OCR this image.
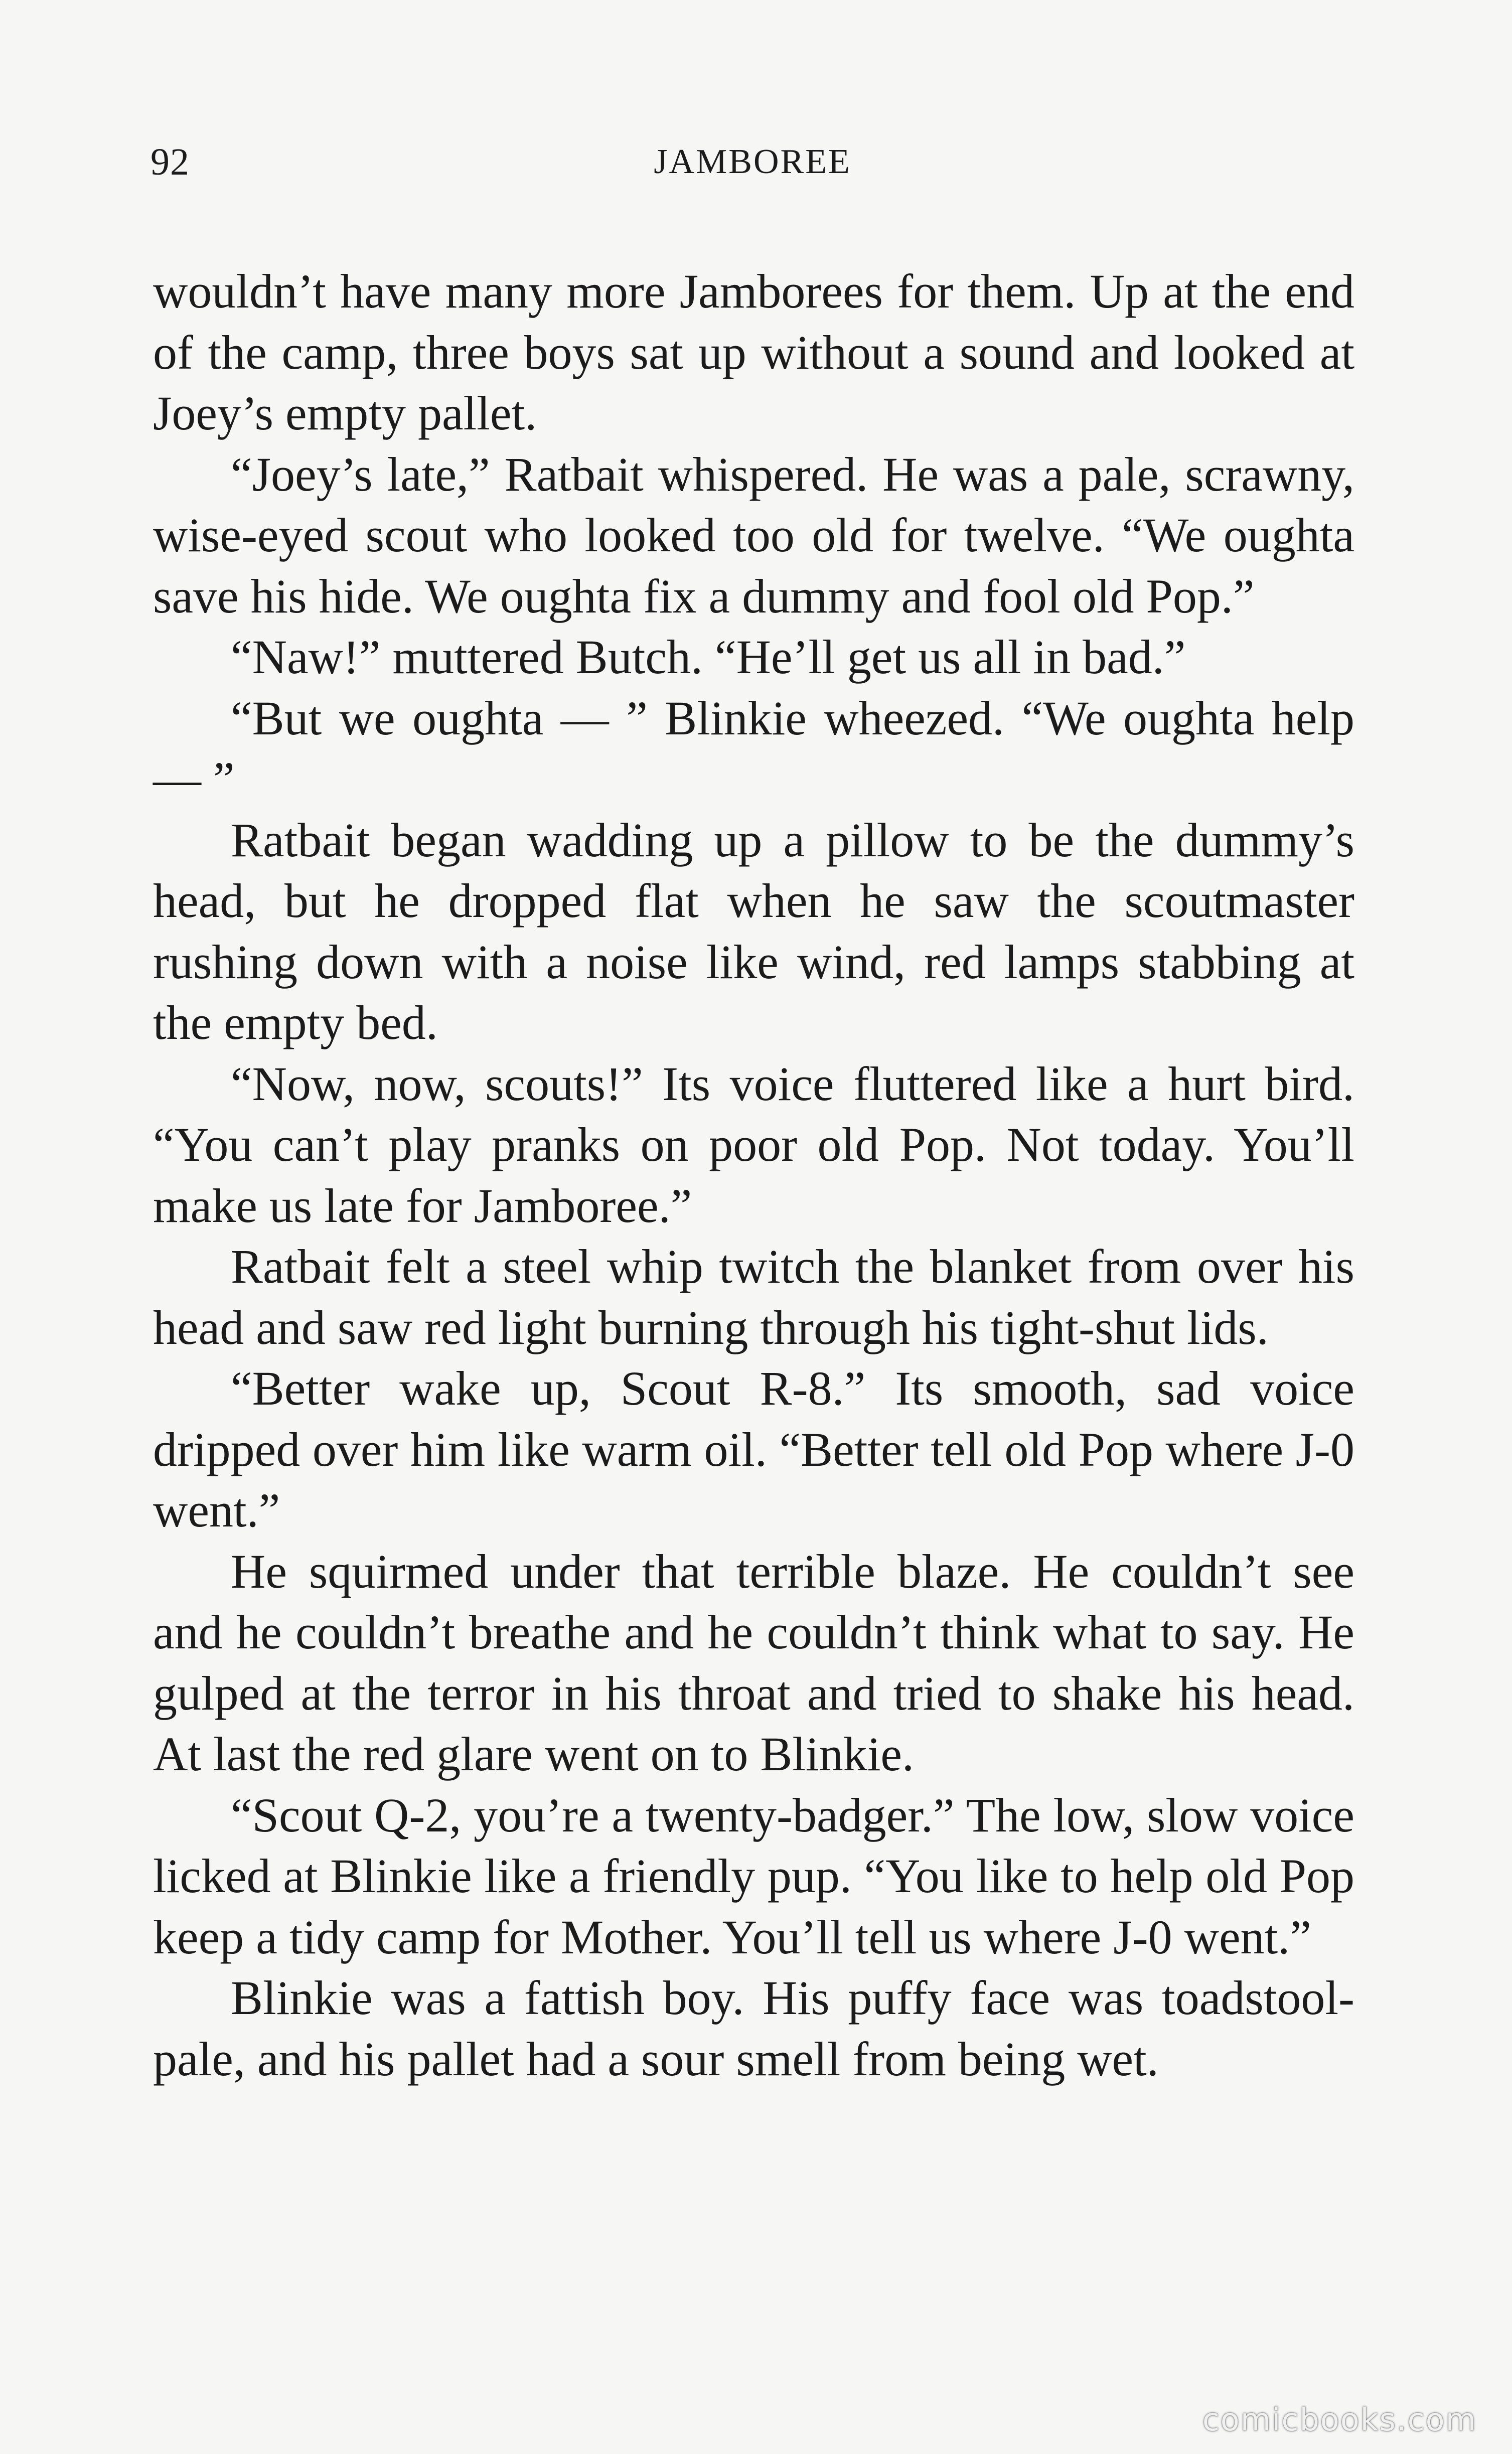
92	JAMBOREE

wouldn’t have many more Jamborees for them. Up at the end of the camp, three boys sat up without a sound and looked at Joey’s empty pallet.

“Joey’s late,” Ratbait whispered. He was a pale, scrawny, wise-eyed scout who looked too old for twelve. “We oughta save his hide. We oughta fix a dummy and fool old Pop.”

“Naw!” muttered Butch. “He’ll get us all in bad.”

“But we oughta — ” Blinkie wheezed. “We oughta help — ”

Ratbait began wadding up a pillow to be the dummy’s head, but he dropped flat when he saw the scoutmaster rushing down with a noise like wind, red lamps stabbing at the empty bed.

“Now, now, scouts!” Its voice fluttered like a hurt bird. “You can’t play pranks on poor old Pop. Not today. You’ll make us late for Jamboree.”

Ratbait felt a steel whip twitch the blanket from over his head and saw red light burning through his tight-shut lids.

“Better wake up, Scout R-8.” Its smooth, sad voice dripped over him like warm oil. “Better tell old Pop where J-0 went.”

He squirmed under that terrible blaze. He couldn’t see and he couldn’t breathe and he couldn’t think what to say. He gulped at the terror in his throat and tried to shake his head. At last the red glare went on to Blinkie.

“Scout Q-2, you’re a twenty-badger.” The low, slow voice licked at Blinkie like a friendly pup. “You like to help old Pop keep a tidy camp for Mother. You’ll tell us where J-0 went.”

Blinkie was a fattish boy. His puffy face was toadstool-pale, and his pallet had a sour smell from being wet.

comicbooks.com
